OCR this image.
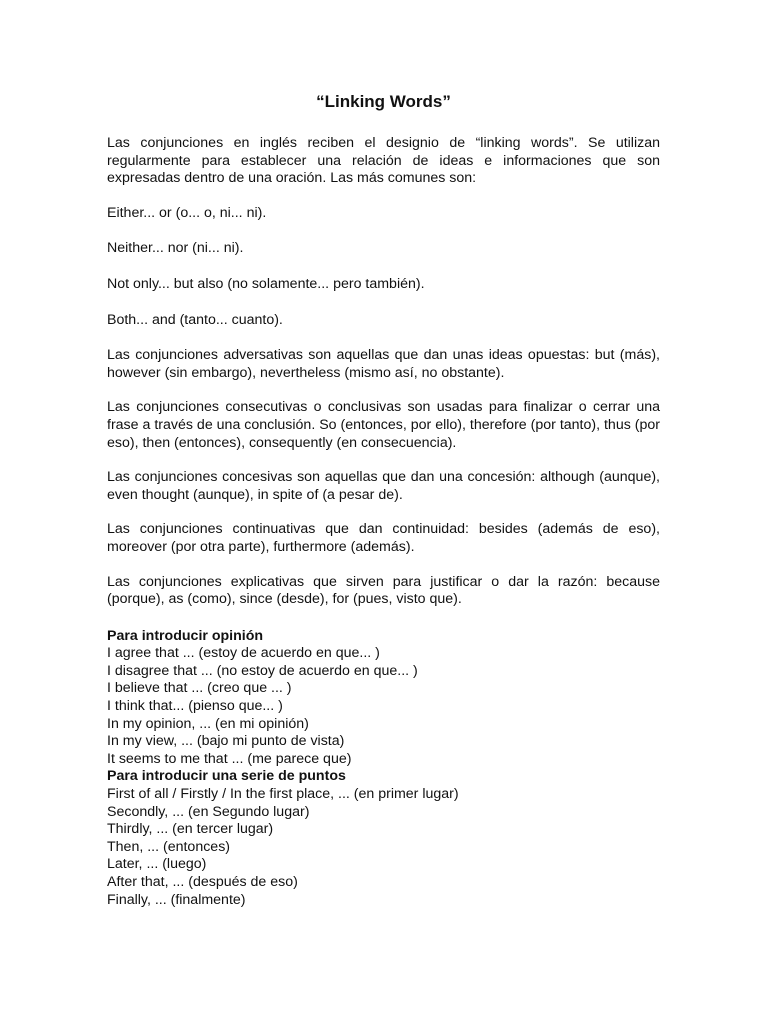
“Linking Words”

Las conjunciones en inglés reciben el designio de “linking words”. Se utilizan regularmente para establecer una relación de ideas e informaciones que son expresadas dentro de una oración. Las más comunes son:

Either... or (o... o, ni... ni).

Neither... nor (ni... ni).

Not only... but also (no solamente... pero también).

Both... and (tanto... cuanto).

Las conjunciones adversativas son aquellas que dan unas ideas opuestas: but (más), however (sin embargo), nevertheless (mismo así, no obstante).

Las conjunciones consecutivas o conclusivas son usadas para finalizar o cerrar una frase a través de una conclusión. So (entonces, por ello), therefore (por tanto), thus (por eso), then (entonces), consequently (en consecuencia).

Las conjunciones concesivas son aquellas que dan una concesión: although (aunque), even thought (aunque), in spite of (a pesar de).

Las conjunciones continuativas que dan continuidad: besides (además de eso), moreover (por otra parte), furthermore (además).

Las conjunciones explicativas que sirven para justificar o dar la razón: because (porque), as (como), since (desde), for (pues, visto que).

Para introducir opinión

I agree that ... (estoy de acuerdo en que... )

I disagree that ... (no estoy de acuerdo en que... )

I believe that ... (creo que ... )

I think that... (pienso que... )

In my opinion, ... (en mi opinión)

In my view, ... (bajo mi punto de vista)

It seems to me that ... (me parece que)

Para introducir una serie de puntos

First of all / Firstly / In the first place, ... (en primer lugar)

Secondly, ... (en Segundo lugar)

Thirdly, ... (en tercer lugar)

Then, ... (entonces)

Later, ... (luego)

After that, ... (después de eso)

Finally, ... (finalmente)
